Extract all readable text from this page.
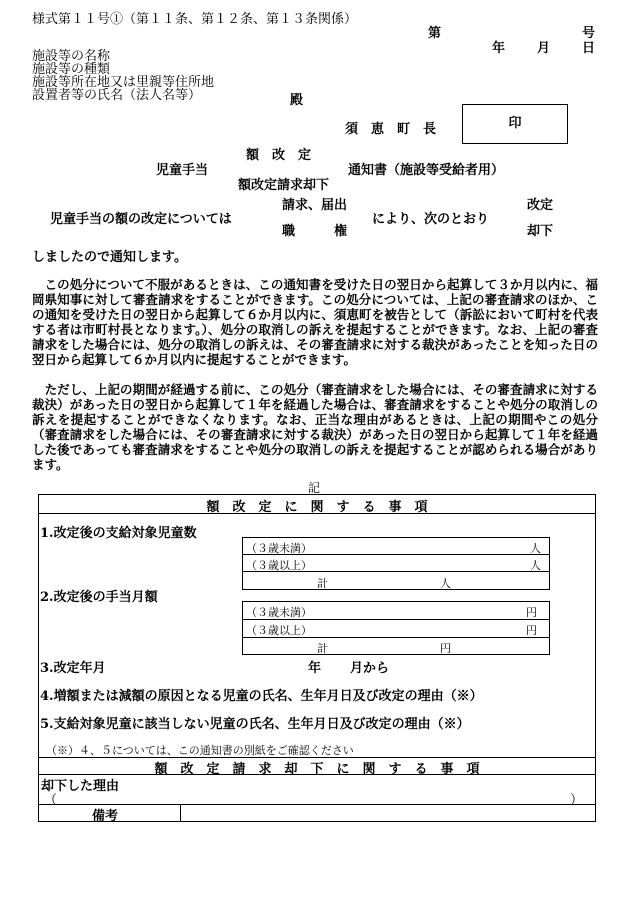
様式第１１号①（第１１条、第１２条、第１３条関係）
第	号
年 月 日
施設等の名称
施設等の種類
施設等所在地又は里親等住所地
設置者等の氏名（法人名等）	殿
須　恵　町　長	印
額　改　定
児童手当	通知書（施設等受給者用）
額改定請求却下
児童手当の額の改定については
請求、届出
職　　　権
により、次のとおり
改定
却下
しましたので通知します。
　この処分について不服があるときは、この通知書を受けた日の翌日から起算して３か月以内に、福岡県知事に対して審査請求をすることができます。この処分については、上記の審査請求のほか、この通知を受けた日の翌日から起算して６か月以内に、須恵町を被告として（訴訟において町村を代表する者は市町村長となります。）、処分の取消しの訴えを提起することができます。なお、上記の審査請求をした場合には、処分の取消しの訴えは、その審査請求に対する裁決があったことを知った日の翌日から起算して６か月以内に提起することができます。
　ただし、上記の期間が経過する前に、この処分（審査請求をした場合には、その審査請求に対する裁決）があった日の翌日から起算して１年を経過した場合は、審査請求をすることや処分の取消しの訴えを提起することができなくなります。なお、正当な理由があるときは、上記の期間やこの処分（審査請求をした場合には、その審査請求に対する裁決）があった日の翌日から起算して１年を経過した後であっても審査請求をすることや処分の取消しの訴えを提起することが認められる場合があります。
記
額　改　定　に　関　す　る　事　項
1.改定後の支給対象児童数
（３歳未満）	人
（３歳以上）	人
計	人
2.改定後の手当月額
（３歳未満）	円
（３歳以上）	円
計	円
3.改定年月	年 月から
4.増額または減額の原因となる児童の氏名、生年月日及び改定の理由（※）
5.支給対象児童に該当しない児童の氏名、生年月日及び改定の理由（※）
（※）４、５については、この通知書の別紙をご確認ください
額　改　定　請　求　却　下　に　関　す　る　事　項
却下した理由
（	）
備考
